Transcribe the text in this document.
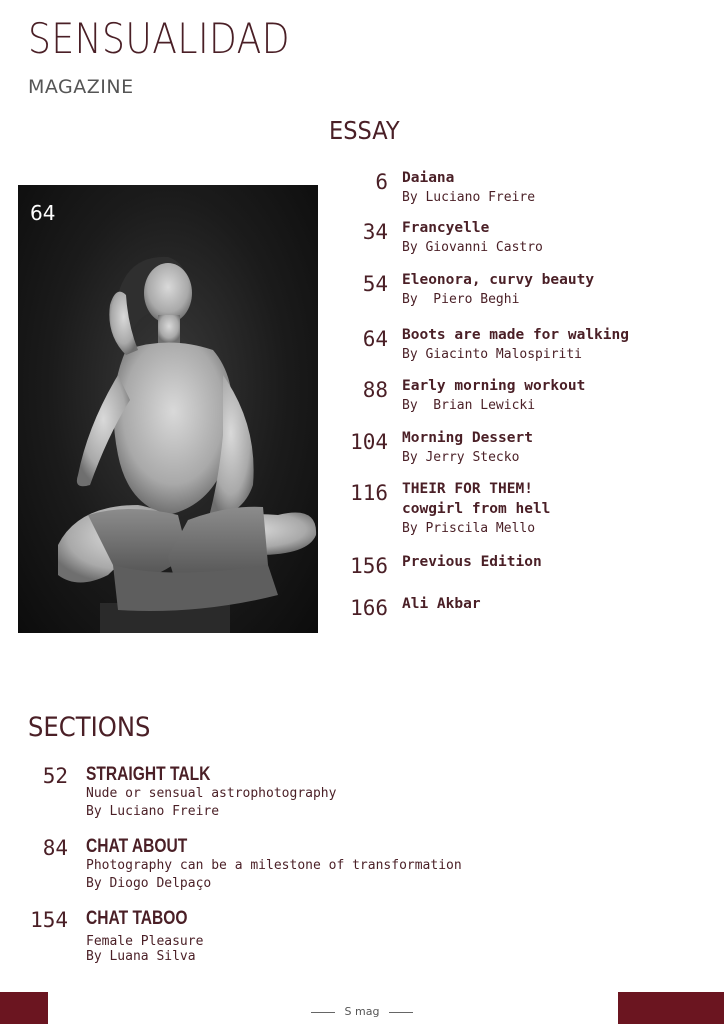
SENSUALIDAD
MAGAZINE
ESSAY
64
6 Daiana
By Luciano Freire
34 Francyelle
By Giovanni Castro
54 Eleonora, curvy beauty
By  Piero Beghi
64 Boots are made for walking
By Giacinto Malospiriti
88 Early morning workout
By  Brian Lewicki
104 Morning Dessert
By Jerry Stecko
116 THEIR FOR THEM!
cowgirl from hell
By Priscila Mello
156 Previous Edition
166 Ali Akbar
SECTIONS
52 STRAIGHT TALK
Nude or sensual astrophotography
By Luciano Freire
84 CHAT ABOUT
Photography can be a milestone of transformation
By Diogo Delpaço
154 CHAT TABOO
Female Pleasure
By Luana Silva
S mag
